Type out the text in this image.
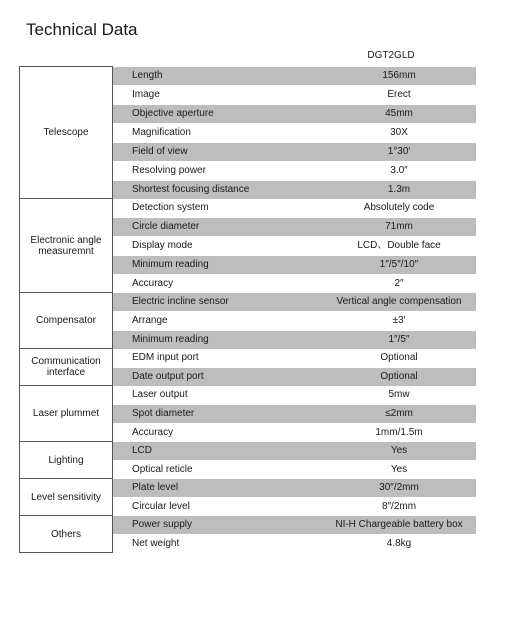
Technical Data
DGT2GLD
Telescope	Length	156mm
	Image	Erect
	Objective aperture	45mm
	Magnification	30X
	Field of view	1°30′
	Resolving power	3.0″
	Shortest focusing distance	1.3m
Electronic angle measuremnt	Detection system	Absolutely code
	Circle diameter	71mm
	Display mode	LCD、Double face
	Minimum reading	1″/5″/10″
	Accuracy	2″
Compensator	Electric incline sensor	Vertical angle compensation
	Arrange	±3′
	Minimum reading	1″/5″
Communication interface	EDM input port	Optional
	Date output port	Optional
Laser plummet	Laser output	5mw
	Spot diameter	≤2mm
	Accuracy	1mm/1.5m
Lighting	LCD	Yes
	Optical reticle	Yes
Level sensitivity	Plate level	30″/2mm
	Circular level	8″/2mm
Others	Power supply	NI-H Chargeable battery box
	Net weight	4.8kg
